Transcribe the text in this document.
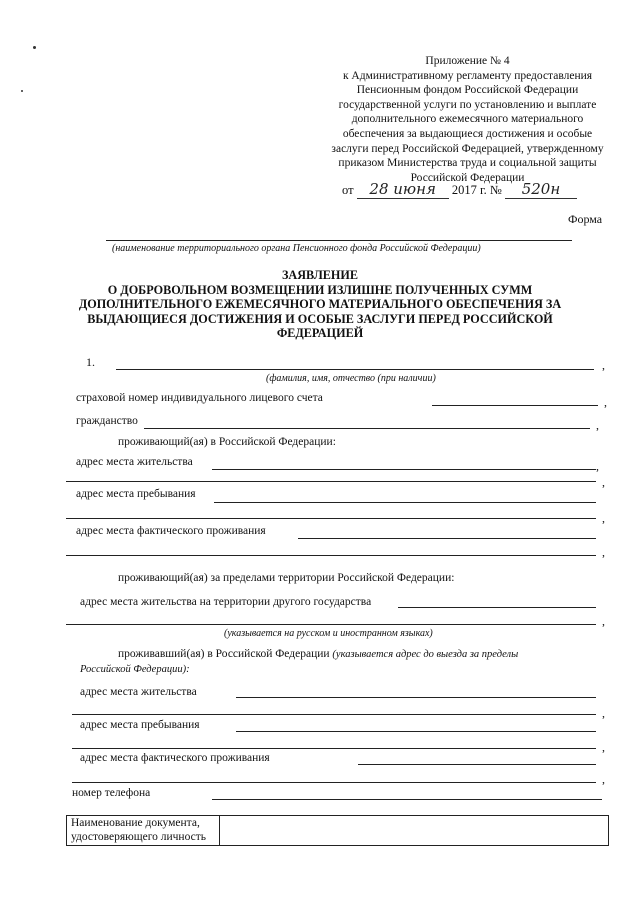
Приложение № 4
к Административному регламенту предоставления
Пенсионным фондом Российской Федерации
государственной услуги по установлению и выплате
дополнительного ежемесячного материального
обеспечения за выдающиеся достижения и особые
заслуги перед Российской Федерацией, утвержденному
приказом Министерства труда и социальной защиты
Российской Федерации
от 28 июня 2017 г. № 520н
Форма
(наименование территориального органа Пенсионного фонда Российской Федерации)
ЗАЯВЛЕНИЕ
О ДОБРОВОЛЬНОМ ВОЗМЕЩЕНИИ ИЗЛИШНЕ ПОЛУЧЕННЫХ СУММ
ДОПОЛНИТЕЛЬНОГО ЕЖЕМЕСЯЧНОГО МАТЕРИАЛЬНОГО ОБЕСПЕЧЕНИЯ ЗА
ВЫДАЮЩИЕСЯ ДОСТИЖЕНИЯ И ОСОБЫЕ ЗАСЛУГИ ПЕРЕД РОССИЙСКОЙ
ФЕДЕРАЦИЕЙ
1.	,
(фамилия, имя, отчество (при наличии)
страховой номер индивидуального лицевого счета	,
гражданство	,
проживающий(ая) в Российской Федерации:
адрес места жительства	,
,
адрес места пребывания
,
адрес места фактического проживания
,
проживающий(ая) за пределами территории Российской Федерации:
адрес места жительства на территории другого государства
,
(указывается на русском и иностранном языках)
проживавший(ая) в Российской Федерации (указывается адрес до выезда за пределы
Российской Федерации):
адрес места жительства
,
адрес места пребывания
,
адрес места фактического проживания
,
номер телефона
Наименование документа,
удостоверяющего личность
